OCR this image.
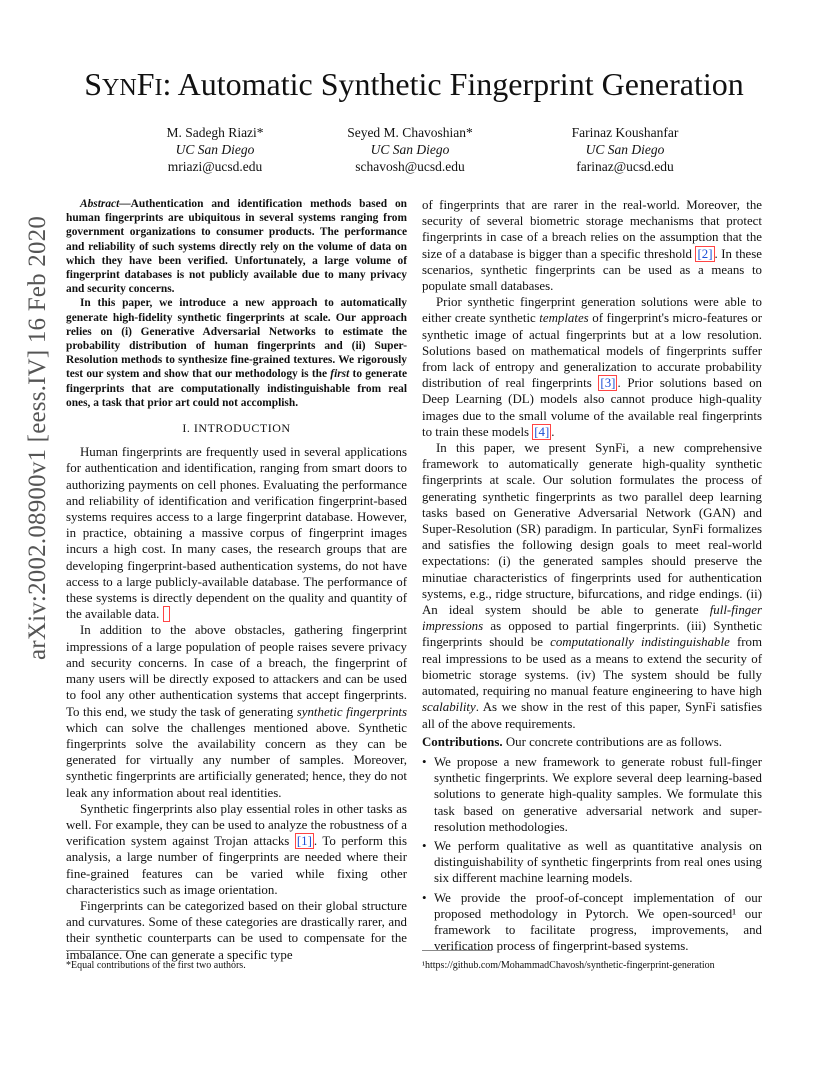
arXiv:2002.08900v1 [eess.IV] 16 Feb 2020
SYNFI: Automatic Synthetic Fingerprint Generation
M. Sadegh Riazi*
UC San Diego
mriazi@ucsd.edu
Seyed M. Chavoshian*
UC San Diego
schavosh@ucsd.edu
Farinaz Koushanfar
UC San Diego
farinaz@ucsd.edu

Abstract—Authentication and identification methods based on human fingerprints are ubiquitous in several systems ranging from government organizations to consumer products. The performance and reliability of such systems directly rely on the volume of data on which they have been verified. Unfortunately, a large volume of fingerprint databases is not publicly available due to many privacy and security concerns.

In this paper, we introduce a new approach to automatically generate high-fidelity synthetic fingerprints at scale. Our approach relies on (i) Generative Adversarial Networks to estimate the probability distribution of human fingerprints and (ii) Super-Resolution methods to synthesize fine-grained textures. We rigorously test our system and show that our methodology is the first to generate fingerprints that are computationally indistinguishable from real ones, a task that prior art could not accomplish.

I. INTRODUCTION

Human fingerprints are frequently used in several applications for authentication and identification, ranging from smart doors to authorizing payments on cell phones. Evaluating the performance and reliability of identification and verification fingerprint-based systems requires access to a large fingerprint database. However, in practice, obtaining a massive corpus of fingerprint images incurs a high cost. In many cases, the research groups that are developing fingerprint-based authentication systems, do not have access to a large publicly-available database. The performance of these systems is directly dependent on the quality and quantity of the available data.

In addition to the above obstacles, gathering fingerprint impressions of a large population of people raises severe privacy and security concerns. In case of a breach, the fingerprint of many users will be directly exposed to attackers and can be used to fool any other authentication systems that accept fingerprints. To this end, we study the task of generating synthetic fingerprints which can solve the challenges mentioned above. Synthetic fingerprints solve the availability concern as they can be generated for virtually any number of samples. Moreover, synthetic fingerprints are artificially generated; hence, they do not leak any information about real identities.

Synthetic fingerprints also play essential roles in other tasks as well. For example, they can be used to analyze the robustness of a verification system against Trojan attacks [1] . To perform this analysis, a large number of fingerprints are needed where their fine-grained features can be varied while fixing other characteristics such as image orientation.

Fingerprints can be categorized based on their global structure and curvatures. Some of these categories are drastically rarer, and their synthetic counterparts can be used to compensate for the imbalance. One can generate a specific type

of fingerprints that are rarer in the real-world. Moreover, the security of several biometric storage mechanisms that protect fingerprints in case of a breach relies on the assumption that the size of a database is bigger than a specific threshold [2] . In these scenarios, synthetic fingerprints can be used as a means to populate small databases.

Prior synthetic fingerprint generation solutions were able to either create synthetic templates of fingerprint's micro-features or synthetic image of actual fingerprints but at a low resolution. Solutions based on mathematical models of fingerprints suffer from lack of entropy and generalization to accurate probability distribution of real fingerprints [3] . Prior solutions based on Deep Learning (DL) models also cannot produce high-quality images due to the small volume of the available real fingerprints to train these models [4] .

In this paper, we present SynFi, a new comprehensive framework to automatically generate high-quality synthetic fingerprints at scale. Our solution formulates the process of generating synthetic fingerprints as two parallel deep learning tasks based on Generative Adversarial Network (GAN) and Super-Resolution (SR) paradigm. In particular, SynFi formalizes and satisfies the following design goals to meet real-world expectations: (i) the generated samples should preserve the minutiae characteristics of fingerprints used for authentication systems, e.g., ridge structure, bifurcations, and ridge endings. (ii) An ideal system should be able to generate full-finger impressions as opposed to partial fingerprints. (iii) Synthetic fingerprints should be computationally indistinguishable from real impressions to be used as a means to extend the security of biometric storage systems. (iv) The system should be fully automated, requiring no manual feature engineering to have high scalability. As we show in the rest of this paper, SynFi satisfies all of the above requirements.

Contributions. Our concrete contributions are as follows.

• We propose a new framework to generate robust full-finger synthetic fingerprints. We explore several deep learning-based solutions to generate high-quality samples. We formulate this task based on generative adversarial network and super-resolution methodologies.
• We perform qualitative as well as quantitative analysis on distinguishability of synthetic fingerprints from real ones using six different machine learning models.
• We provide the proof-of-concept implementation of our proposed methodology in Pytorch. We open-sourced¹ our framework to facilitate progress, improvements, and verification process of fingerprint-based systems.
*Equal contributions of the first two authors.	¹https://github.com/MohammadChavosh/synthetic-fingerprint-generation
